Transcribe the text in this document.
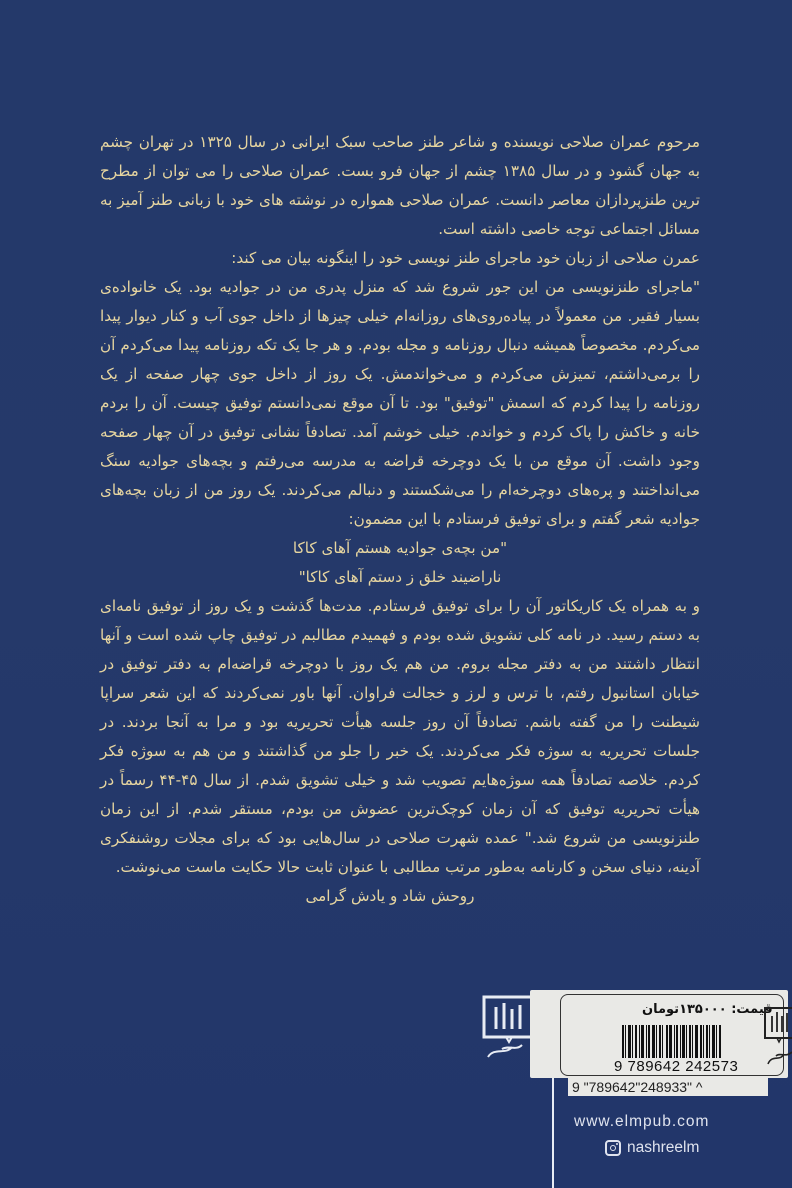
مرحوم عمران صلاحی نویسنده و شاعر طنز صاحب سبک ایرانی در سال ۱۳۲۵ در تهران چشم به جهان گشود و در سال ۱۳۸۵ چشم از جهان فرو بست. عمران صلاحی را می توان از مطرح ترین طنزپردازان معاصر دانست. عمران صلاحی همواره در نوشته های خود با زبانی طنز آمیز به مسائل اجتماعی توجه خاصی داشته است.

عمرن صلاحی از زبان خود ماجرای طنز نویسی خود را اینگونه بیان می کند:

"ماجرای طنزنویسی من این جور شروع شد که منزل پدری من در جوادیه بود. یک خانواده‌ی بسیار فقیر. من معمولاً در پیاده‌روی‌های روزانه‌ام خیلی چیزها از داخل جوی آب و کنار دیوار پیدا می‌کردم. مخصوصاً همیشه دنبال روزنامه و مجله بودم. و هر جا یک تکه روزنامه پیدا می‌کردم آن را برمی‌داشتم، تمیزش می‌کردم و می‌خواندمش. یک روز از داخل جوی چهار صفحه از یک روزنامه را پیدا کردم که اسمش "توفیق" بود. تا آن موقع نمی‌دانستم توفیق چیست. آن را بردم خانه و خاکش را پاک کردم و خواندم. خیلی خوشم آمد. تصادفاً نشانی توفیق در آن چهار صفحه وجود داشت. آن موقع من با یک دوچرخه قراضه به مدرسه می‌رفتم و بچه‌های جوادیه سنگ می‌انداختند و پره‌های دوچرخه‌ام را می‌شکستند و دنبالم می‌کردند. یک روز من از زبان بچه‌های جوادیه شعر گفتم و برای توفیق فرستادم با این مضمون:

"من بچه‌ی جوادیه هستم آهای کاکا

ناراضیند خلق ز دستم آهای کاکا"

و به همراه یک کاریکاتور آن را برای توفیق فرستادم. مدت‌ها گذشت و یک روز از توفیق نامه‌ای به دستم رسید. در نامه کلی تشویق شده بودم و فهمیدم مطالبم در توفیق چاپ شده است و آنها انتظار داشتند من به دفتر مجله بروم. من هم یک روز با دوچرخه قراضه‌ام به دفتر توفیق در خیابان استانبول رفتم، با ترس و لرز و خجالت فراوان. آنها باور نمی‌کردند که این شعر سراپا شیطنت را من گفته باشم. تصادفاً آن روز جلسه هیأت تحریریه بود و مرا به آنجا بردند. در جلسات تحریریه به سوژه فکر می‌کردند. یک خبر را جلو من گذاشتند و من هم به سوژه فکر کردم. خلاصه تصادفاً همه سوژه‌هایم تصویب شد و خیلی تشویق شدم. از سال ۴۵-۴۴ رسماً در هیأت تحریریه توفیق که آن زمان کوچک‌ترین عضوش من بودم، مستقر شدم. از این زمان طنزنویسی من شروع شد." عمده شهرت صلاحی در سال‌هایی بود که برای مجلات روشنفکری آدینه، دنیای سخن و کارنامه به‌طور مرتب مطالبی با عنوان ثابت حالا حکایت ماست می‌نوشت.

روحش شاد و یادش گرامی

قیمت: ۱۳۵۰۰۰تومان
9 789642 242573
9 "789642"248933" ^
www.elmpub.com
nashreelm
